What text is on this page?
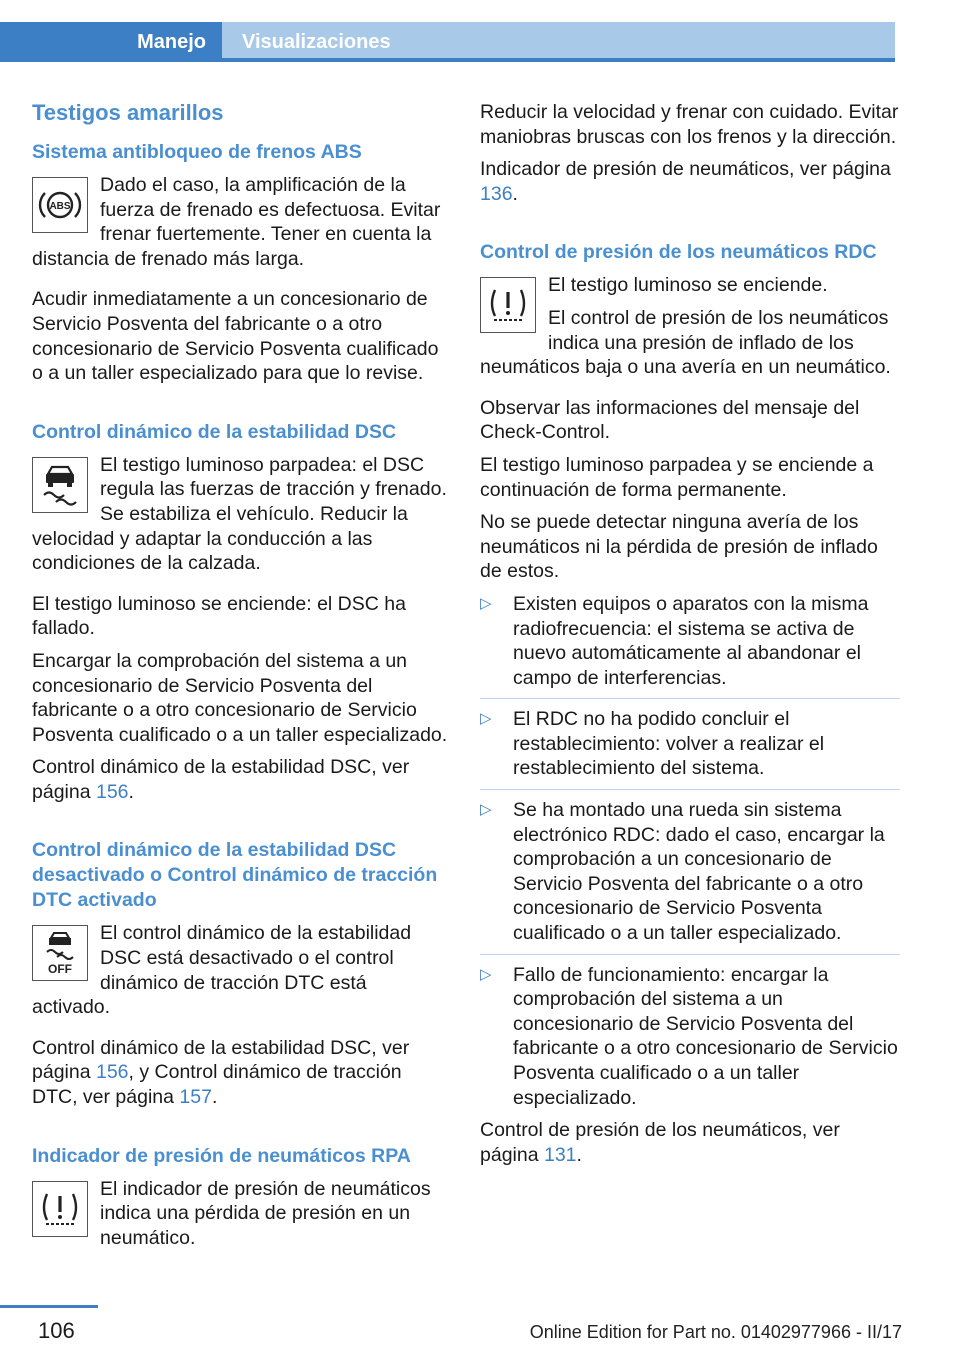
Manejo	Visualizaciones
Testigos amarillos
Sistema antibloqueo de frenos ABS
ABS

Dado el caso, la amplificación de la fuerza de frenado es defectuosa. Evitar frenar fuertemente. Tener en cuenta la distancia de frenado más larga.

Acudir inmediatamente a un concesionario de Servicio Posventa del fabricante o a otro concesionario de Servicio Posventa cualificado o a un taller especializado para que lo revise.

Control dinámico de la estabilidad DSC

El testigo luminoso parpadea: el DSC regula las fuerzas de tracción y frenado. Se estabiliza el vehículo. Reducir la velocidad y adaptar la conducción a las condiciones de la calzada.

El testigo luminoso se enciende: el DSC ha fallado.

Encargar la comprobación del sistema a un concesionario de Servicio Posventa del fabricante o a otro concesionario de Servicio Posventa cualificado o a un taller especializado.

Control dinámico de la estabilidad DSC, ver página 156.

Control dinámico de la estabilidad DSC desactivado o Control dinámico de tracción DTC activado
OFF

El control dinámico de la estabilidad DSC está desactivado o el control dinámico de tracción DTC está activado.

Control dinámico de la estabilidad DSC, ver página 156, y Control dinámico de tracción DTC, ver página 157.

Indicador de presión de neumáticos RPA

El indicador de presión de neumáticos indica una pérdida de presión en un neumático.

Reducir la velocidad y frenar con cuidado. Evitar maniobras bruscas con los frenos y la dirección.

Indicador de presión de neumáticos, ver página 136.

Control de presión de los neumáticos RDC

El testigo luminoso se enciende.

El control de presión de los neumáticos indica una presión de inflado de los neumáticos baja o una avería en un neumático.

Observar las informaciones del mensaje del Check-Control.

El testigo luminoso parpadea y se enciende a continuación de forma permanente.

No se puede detectar ninguna avería de los neumáticos ni la pérdida de presión de inflado de estos.

▷ Existen equipos o aparatos con la misma radiofrecuencia: el sistema se activa de nuevo automáticamente al abandonar el campo de interferencias.
▷ El RDC no ha podido concluir el restablecimiento: volver a realizar el restablecimiento del sistema.
▷ Se ha montado una rueda sin sistema electrónico RDC: dado el caso, encargar la comprobación a un concesionario de Servicio Posventa del fabricante o a otro concesionario de Servicio Posventa cualificado o a un taller especializado.
▷ Fallo de funcionamiento: encargar la comprobación del sistema a un concesionario de Servicio Posventa del fabricante o a otro concesionario de Servicio Posventa cualificado o a un taller especializado.

Control de presión de los neumáticos, ver página 131.

106	Online Edition for Part no. 01402977966 - II/17
